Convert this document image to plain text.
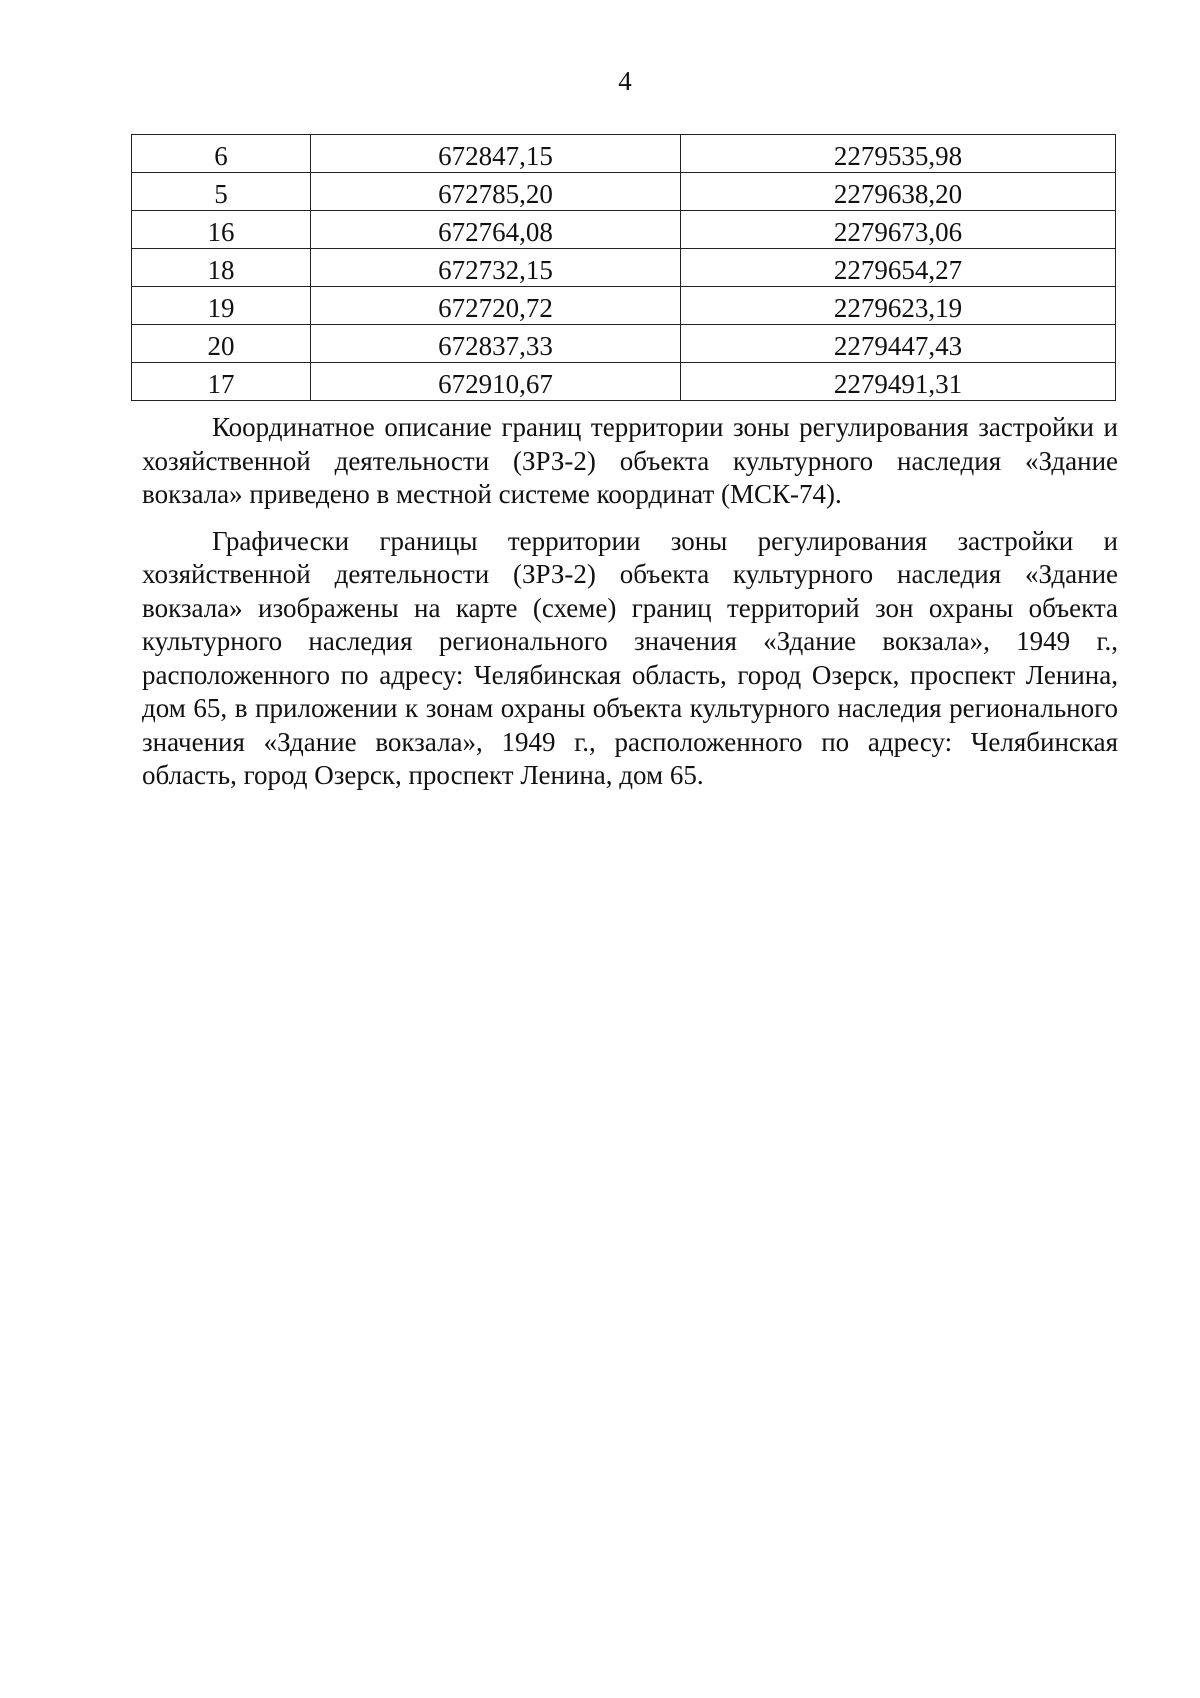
4
6	672847,15	2279535,98
5	672785,20	2279638,20
16	672764,08	2279673,06
18	672732,15	2279654,27
19	672720,72	2279623,19
20	672837,33	2279447,43
17	672910,67	2279491,31

Координатное описание границ территории зоны регулирования застройки и хозяйственной деятельности (ЗРЗ-2) объекта культурного наследия «Здание вокзала» приведено в местной системе координат (МСК-74).

Графически границы территории зоны регулирования застройки и хозяйственной деятельности (ЗРЗ-2) объекта культурного наследия «Здание вокзала» изображены на карте (схеме) границ территорий зон охраны объекта культурного наследия регионального значения «Здание вокзала», 1949 г., расположенного по адресу: Челябинская область, город Озерск, проспект Ленина, дом 65, в приложении к зонам охраны объекта культурного наследия регионального значения «Здание вокзала», 1949 г., расположенного по адресу: Челябинская область, город Озерск, проспект Ленина, дом 65.
